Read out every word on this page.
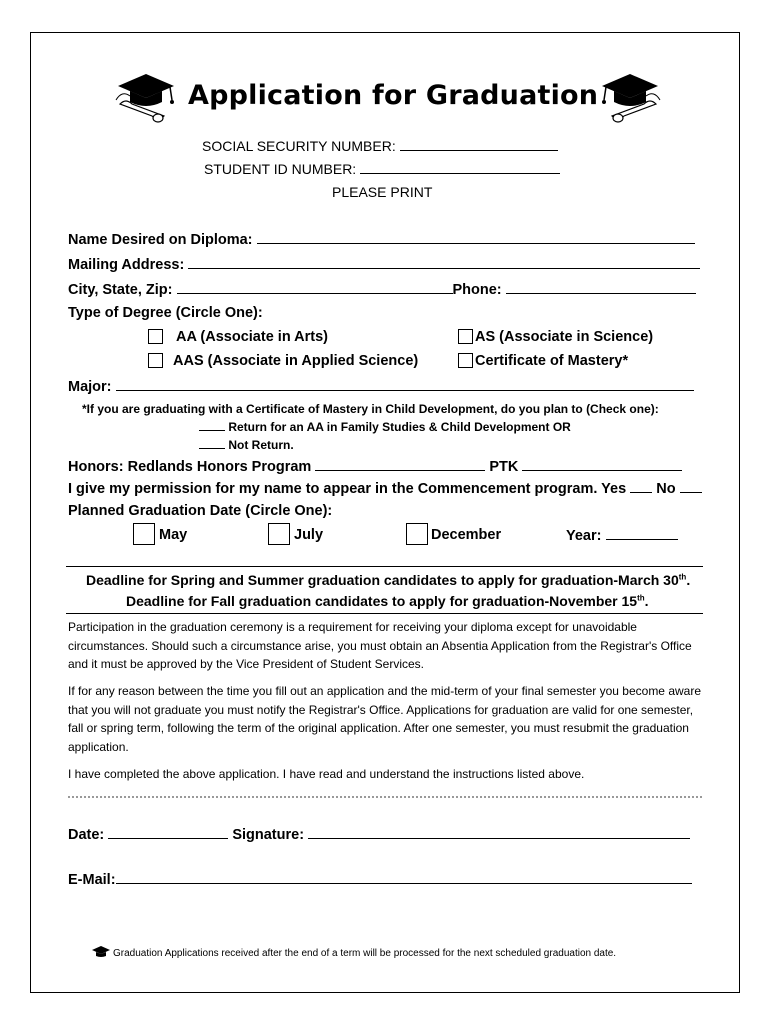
Application for Graduation
SOCIAL SECURITY NUMBER:
STUDENT ID NUMBER:
PLEASE PRINT
Name Desired on Diploma:
Mailing Address:
City, State, Zip:	Phone:
Type of Degree (Circle One):
AA (Associate in Arts)	AS (Associate in Science)
AAS (Associate in Applied Science)	Certificate of Mastery*
Major:
*If you are graduating with a Certificate of Mastery in Child Development, do you plan to (Check one):
Return for an AA in Family Studies & Child Development OR
Not Return.
Honors: Redlands Honors Program	PTK
I give my permission for my name to appear in the Commencement program. Yes No
Planned Graduation Date (Circle One):
May	July	December	Year:
Deadline for Spring and Summer graduation candidates to apply for graduation-March 30th.
Deadline for Fall graduation candidates to apply for graduation-November 15th.
Participation in the graduation ceremony is a requirement for receiving your diploma except for unavoidable circumstances. Should such a circumstance arise, you must obtain an Absentia Application from the Registrar's Office and it must be approved by the Vice President of Student Services.
If for any reason between the time you fill out an application and the mid-term of your final semester you become aware that you will not graduate you must notify the Registrar's Office. Applications for graduation are valid for one semester, fall or spring term, following the term of the original application. After one semester, you must resubmit the graduation application.
I have completed the above application. I have read and understand the instructions listed above.
Date:	Signature:
E-Mail:
Graduation Applications received after the end of a term will be processed for the next scheduled graduation date.
